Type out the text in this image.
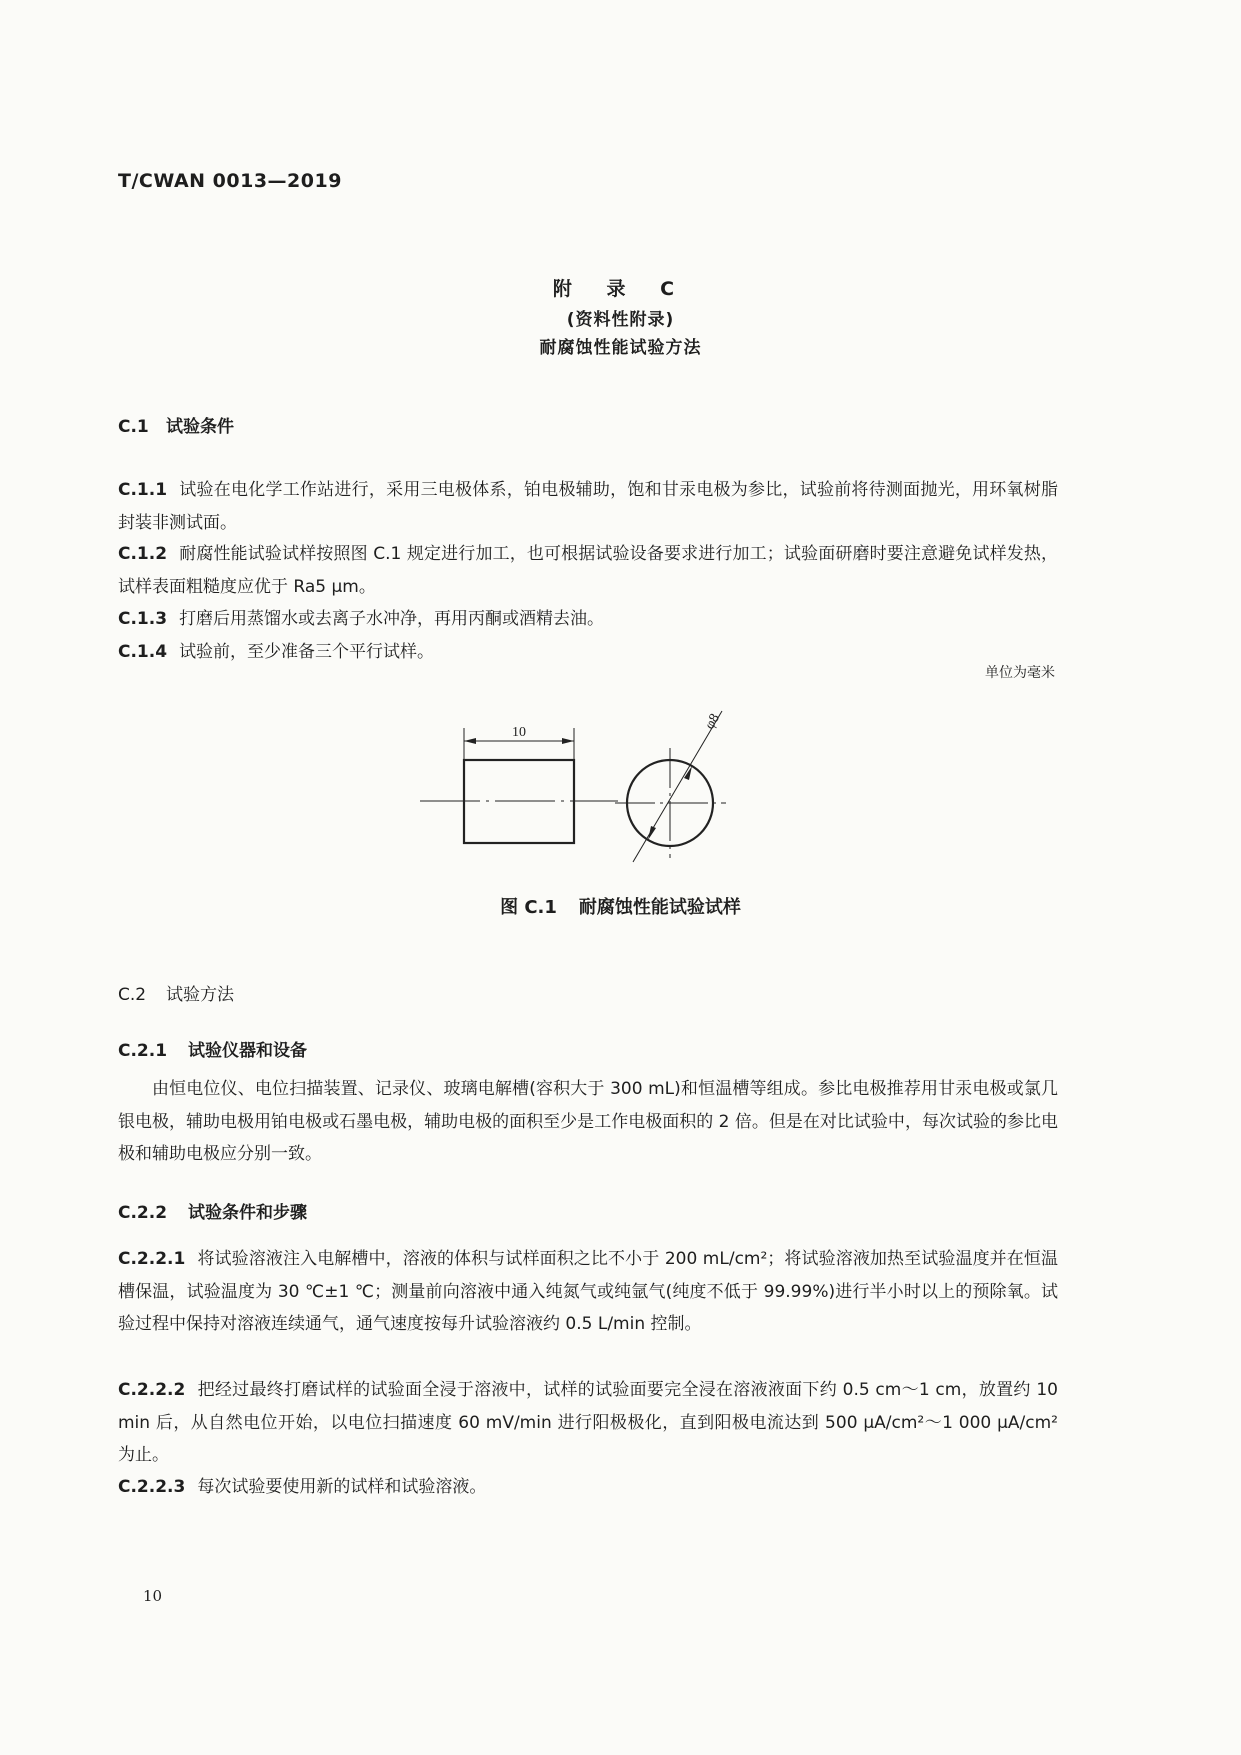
T/CWAN 0013—2019
附 录 C
(资料性附录)
耐腐蚀性能试验方法
C.1 试验条件
C.1.1 试验在电化学工作站进行，采用三电极体系，铂电极辅助，饱和甘汞电极为参比，试验前将待测面抛光，用环氧树脂封装非测试面。
C.1.2 耐腐性能试验试样按照图 C.1 规定进行加工，也可根据试验设备要求进行加工；试验面研磨时要注意避免试样发热，试样表面粗糙度应优于 Ra5 μm。
C.1.3 打磨后用蒸馏水或去离子水冲净，再用丙酮或酒精去油。
C.1.4 试验前，至少准备三个平行试样。
单位为毫米
10
φ8
图 C.1 耐腐蚀性能试验试样
C.2 试验方法
C.2.1 试验仪器和设备
由恒电位仪、电位扫描装置、记录仪、玻璃电解槽(容积大于 300 mL)和恒温槽等组成。参比电极推荐用甘汞电极或氯几银电极，辅助电极用铂电极或石墨电极，辅助电极的面积至少是工作电极面积的 2 倍。但是在对比试验中，每次试验的参比电极和辅助电极应分别一致。
C.2.2 试验条件和步骤
C.2.2.1 将试验溶液注入电解槽中，溶液的体积与试样面积之比不小于 200 mL/cm²；将试验溶液加热至试验温度并在恒温槽保温，试验温度为 30 ℃±1 ℃；测量前向溶液中通入纯氮气或纯氩气(纯度不低于 99.99%)进行半小时以上的预除氧。试验过程中保持对溶液连续通气，通气速度按每升试验溶液约 0.5 L/min 控制。
C.2.2.2 把经过最终打磨试样的试验面全浸于溶液中，试样的试验面要完全浸在溶液液面下约 0.5 cm～1 cm，放置约 10 min 后，从自然电位开始，以电位扫描速度 60 mV/min 进行阳极极化，直到阳极电流达到 500 μA/cm²～1 000 μA/cm² 为止。
C.2.2.3 每次试验要使用新的试样和试验溶液。
10
